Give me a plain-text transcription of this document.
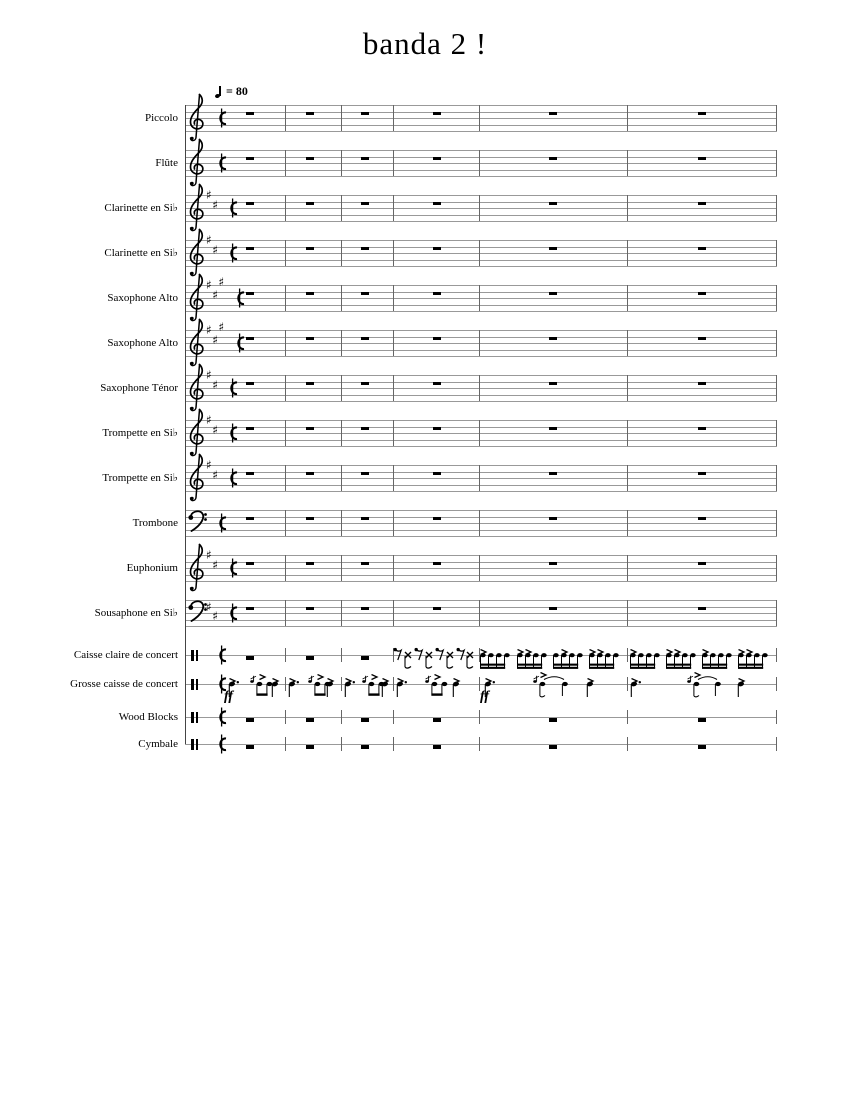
banda 2 !
= 80
Piccolo
Flûte
Clarinette en Si♭
♯
♯
Clarinette en Si♭
♯
♯
Saxophone Alto
♯
♯
♯
Saxophone Alto
♯
♯
♯
Saxophone Ténor
♯
♯
Trompette en Si♭
♯
♯
Trompette en Si♭
♯
♯
Trombone
Euphonium
♯
♯
Sousaphone en Si♭ ♯
♯
Caisse claire de concert
Grosse caisse de concert
ff	ff
Wood Blocks
Cymbale
